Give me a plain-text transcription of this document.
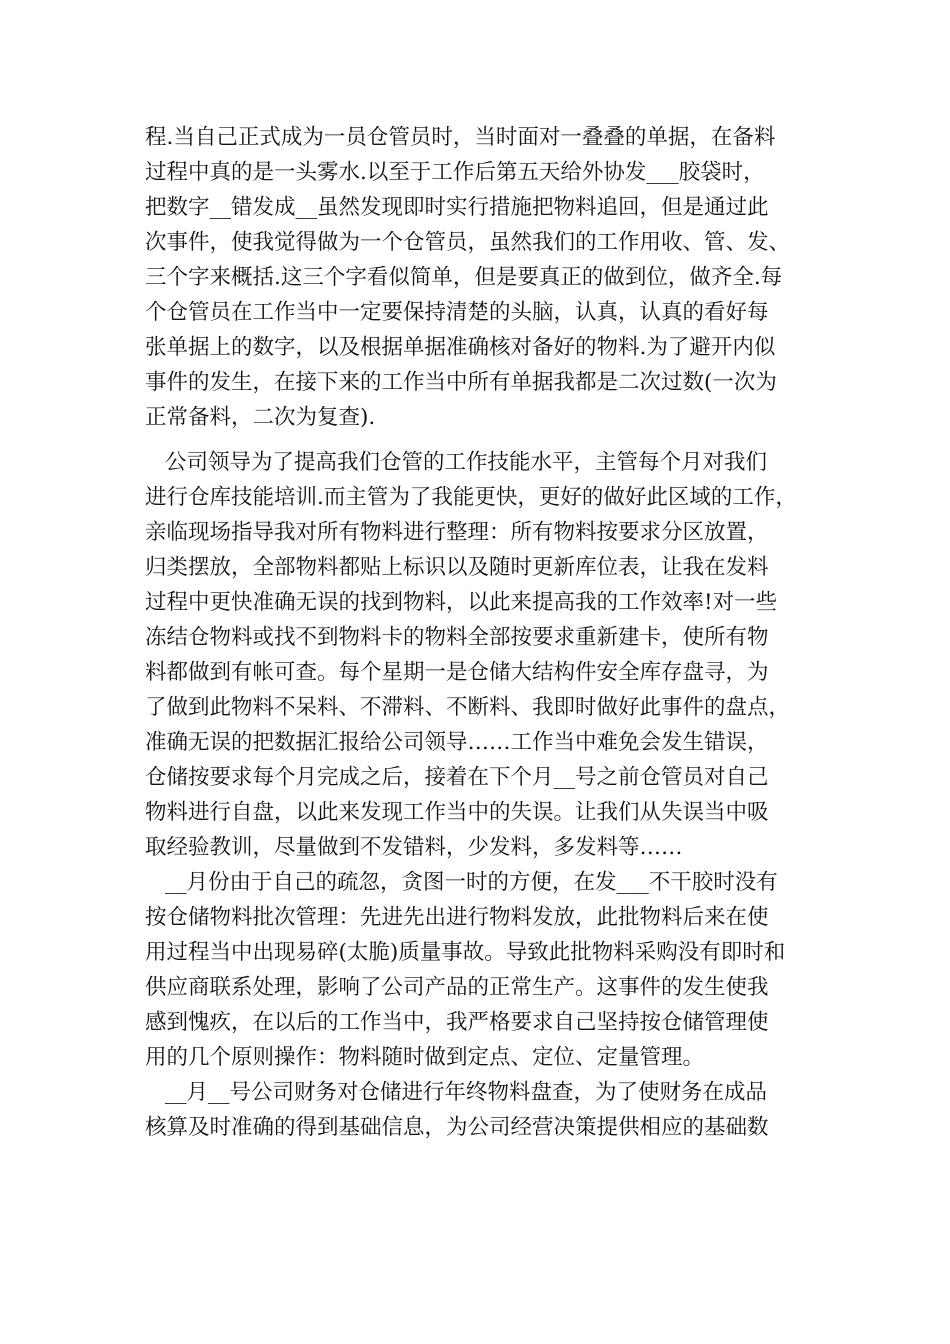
程.当自己正式成为一员仓管员时，当时面对一叠叠的单据，在备料
过程中真的是一头雾水.以至于工作后第五天给外协发___胶袋时，
把数字__错发成__虽然发现即时实行措施把物料追回，但是通过此
次事件，使我觉得做为一个仓管员，虽然我们的工作用收、管、发、
三个字来概括.这三个字看似简单，但是要真正的做到位，做齐全.每
个仓管员在工作当中一定要保持清楚的头脑，认真，认真的看好每
张单据上的数字，以及根据单据准确核对备好的物料.为了避开内似
事件的发生，在接下来的工作当中所有单据我都是二次过数(一次为
正常备料，二次为复查).
公司领导为了提高我们仓管的工作技能水平，主管每个月对我们
进行仓库技能培训.而主管为了我能更快，更好的做好此区域的工作，
亲临现场指导我对所有物料进行整理：所有物料按要求分区放置，
归类摆放，全部物料都贴上标识以及随时更新库位表，让我在发料
过程中更快准确无误的找到物料，以此来提高我的工作效率!对一些
冻结仓物料或找不到物料卡的物料全部按要求重新建卡，使所有物
料都做到有帐可查。每个星期一是仓储大结构件安全库存盘寻，为
了做到此物料不呆料、不滞料、不断料、我即时做好此事件的盘点，
准确无误的把数据汇报给公司领导……工作当中难免会发生错误，
仓储按要求每个月完成之后，接着在下个月__号之前仓管员对自己
物料进行自盘，以此来发现工作当中的失误。让我们从失误当中吸
取经验教训，尽量做到不发错料，少发料，多发料等……
__月份由于自己的疏忽，贪图一时的方便，在发___不干胶时没有
按仓储物料批次管理：先进先出进行物料发放，此批物料后来在使
用过程当中出现易碎(太脆)质量事故。导致此批物料采购没有即时和
供应商联系处理，影响了公司产品的正常生产。这事件的发生使我
感到愧疚，在以后的工作当中，我严格要求自己坚持按仓储管理使
用的几个原则操作：物料随时做到定点、定位、定量管理。
__月__号公司财务对仓储进行年终物料盘查，为了使财务在成品
核算及时准确的得到基础信息，为公司经营决策提供相应的基础数
